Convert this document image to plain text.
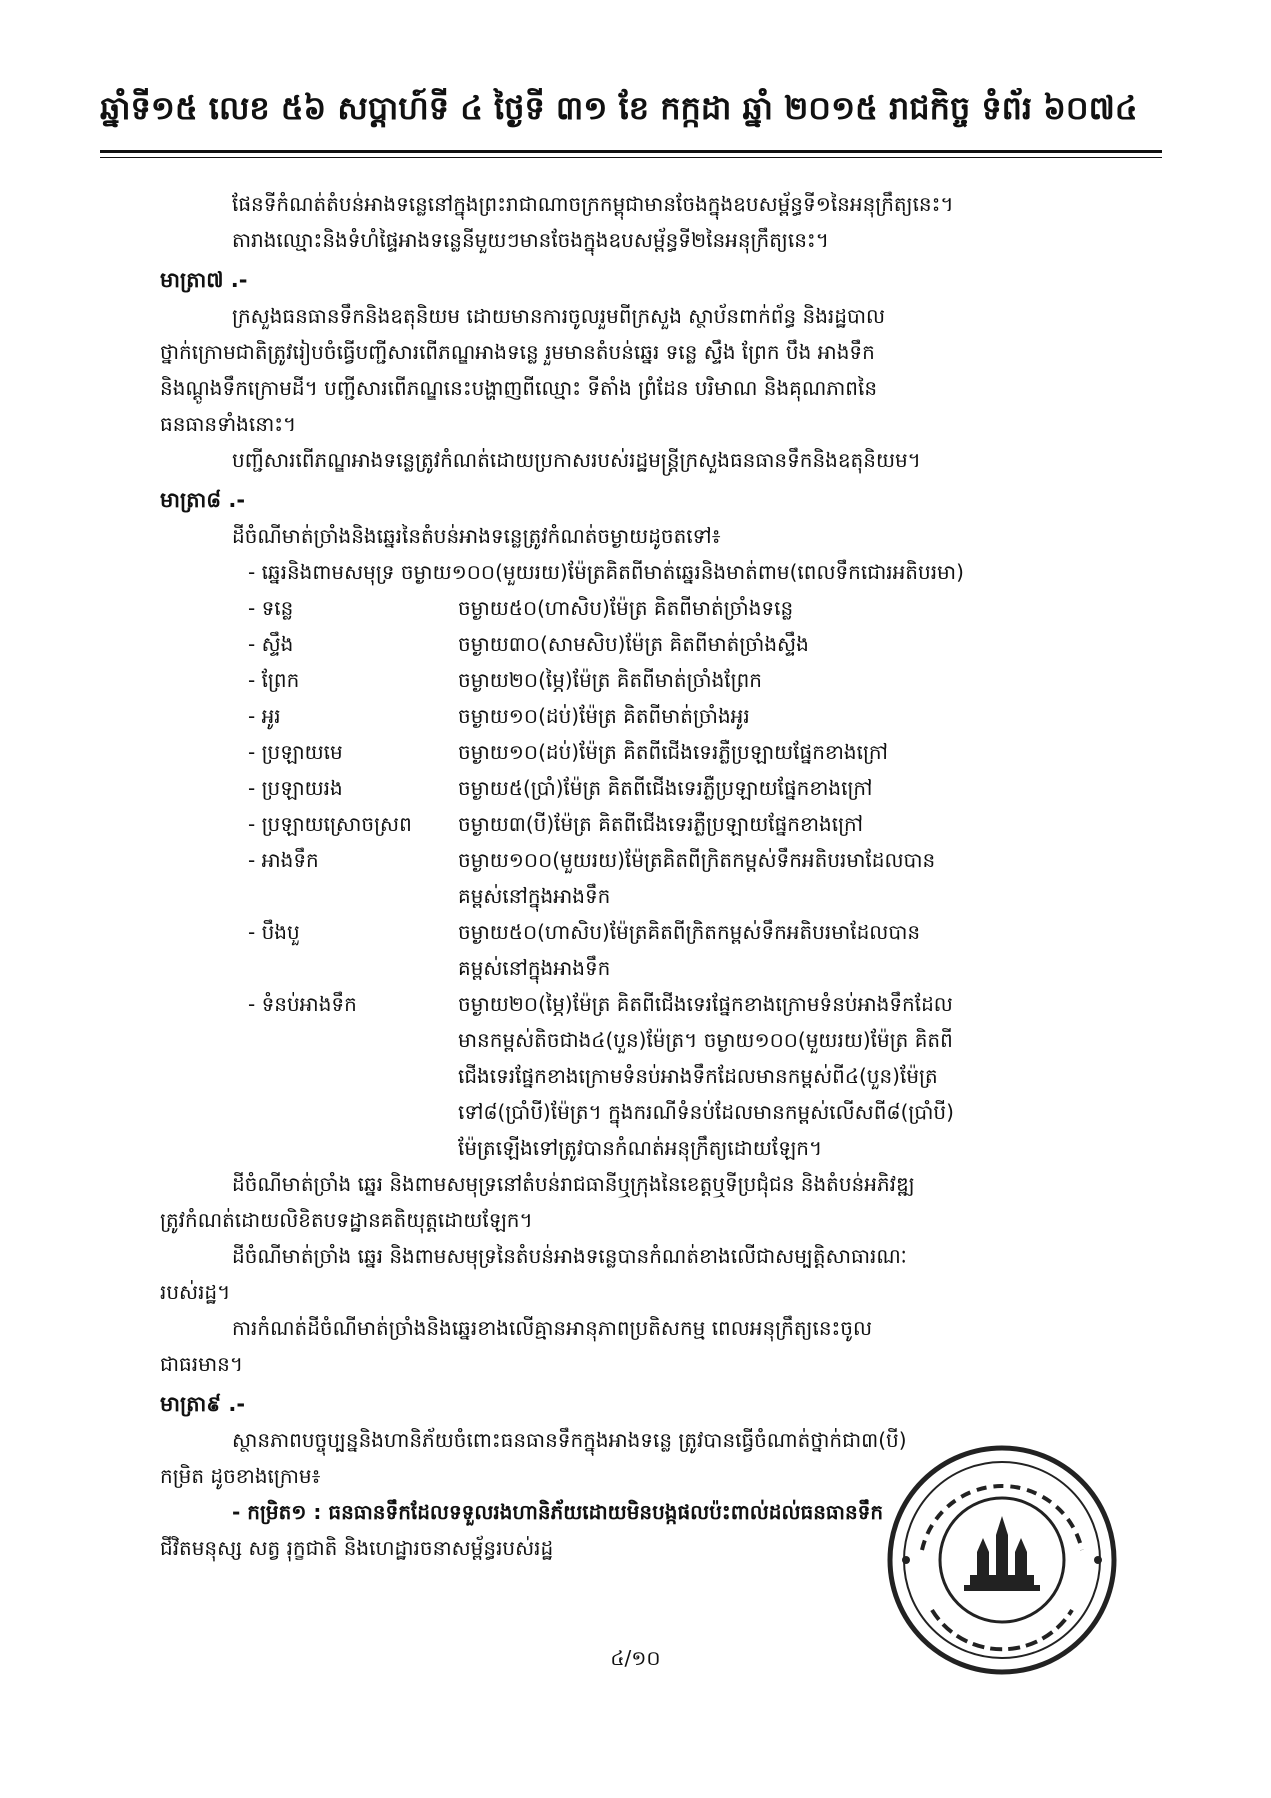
ឆ្នាំទី១៥ លេខ ៥៦ សប្តាហ៍ទី ៤ ថ្ងៃទី ៣១ ខែ កក្កដា ឆ្នាំ ២០១៥ រាជកិច្ច ទំព័រ ៦០៧៤

ផែនទីកំណត់តំបន់អាងទន្លេនៅក្នុងព្រះរាជាណាចក្រកម្ពុជាមានចែងក្នុងឧបសម្ព័ន្ធទី១នៃអនុក្រឹត្យនេះ។

តារាងឈ្មោះនិងទំហំផ្ទៃអាងទន្លេនីមួយៗមានចែងក្នុងឧបសម្ព័ន្ធទី២នៃអនុក្រឹត្យនេះ។

មាត្រា៧ .-

ក្រសួងធនធានទឹកនិងឧតុនិយម ដោយមានការចូលរួមពីក្រសួង ស្ថាប័នពាក់ព័ន្ធ និងរដ្ឋបាល

ថ្នាក់ក្រោមជាតិត្រូវរៀបចំធ្វើបញ្ជីសារពើភណ្ឌអាងទន្លេ រួមមានតំបន់ឆ្នេរ ទន្លេ ស្ទឹង ព្រែក បឹង អាងទឹក

និងណ្ដូងទឹកក្រោមដី។ បញ្ជីសារពើភណ្ឌនេះបង្ហាញពីឈ្មោះ ទីតាំង ព្រំដែន បរិមាណ និងគុណភាពនៃ

ធនធានទាំងនោះ។

បញ្ជីសារពើភណ្ឌអាងទន្លេត្រូវកំណត់ដោយប្រកាសរបស់រដ្ឋមន្ត្រីក្រសួងធនធានទឹកនិងឧតុនិយម។

មាត្រា៨ .-

ដីចំណីមាត់ច្រាំងនិងឆ្នេរនៃតំបន់អាងទន្លេត្រូវកំណត់ចម្ងាយដូចតទៅ៖

- ឆ្នេរនិងពាមសមុទ្រ ចម្ងាយ១០០(មួយរយ)ម៉ែត្រគិតពីមាត់ឆ្នេរនិងមាត់ពាម(ពេលទឹកជោរអតិបរមា)

- ទន្លេ	ចម្ងាយ៥០(ហាសិប)ម៉ែត្រ គិតពីមាត់ច្រាំងទន្លេ
- ស្ទឹង	ចម្ងាយ៣០(សាមសិប)ម៉ែត្រ គិតពីមាត់ច្រាំងស្ទឹង
- ព្រែក	ចម្ងាយ២០(ម្ភៃ)ម៉ែត្រ គិតពីមាត់ច្រាំងព្រែក
- អូរ	ចម្ងាយ១០(ដប់)ម៉ែត្រ គិតពីមាត់ច្រាំងអូរ
- ប្រឡាយមេ	ចម្ងាយ១០(ដប់)ម៉ែត្រ គិតពីជើងទេរភ្លឺប្រឡាយផ្នែកខាងក្រៅ
- ប្រឡាយរង	ចម្ងាយ៥(ប្រាំ)ម៉ែត្រ គិតពីជើងទេរភ្លឺប្រឡាយផ្នែកខាងក្រៅ
- ប្រឡាយស្រោចស្រព	ចម្ងាយ៣(បី)ម៉ែត្រ គិតពីជើងទេរភ្លឺប្រឡាយផ្នែកខាងក្រៅ
- អាងទឹក	ចម្ងាយ១០០(មួយរយ)ម៉ែត្រគិតពីក្រិតកម្ពស់ទឹកអតិបរមាដែលបាន
គម្ពស់នៅក្នុងអាងទឹក
- បឹងបួ	ចម្ងាយ៥០(ហាសិប)ម៉ែត្រគិតពីក្រិតកម្ពស់ទឹកអតិបរមាដែលបាន
គម្ពស់នៅក្នុងអាងទឹក
- ទំនប់អាងទឹក	ចម្ងាយ២០(ម្ភៃ)ម៉ែត្រ គិតពីជើងទេរផ្នែកខាងក្រោមទំនប់អាងទឹកដែល
មានកម្ពស់តិចជាង៤(បួន)ម៉ែត្រ។ ចម្ងាយ១០០(មួយរយ)ម៉ែត្រ គិតពី
ជើងទេរផ្នែកខាងក្រោមទំនប់អាងទឹកដែលមានកម្ពស់ពី៤(បួន)ម៉ែត្រ
ទៅ៨(ប្រាំបី)ម៉ែត្រ។ ក្នុងករណីទំនប់ដែលមានកម្ពស់លើសពី៨(ប្រាំបី)
ម៉ែត្រឡើងទៅត្រូវបានកំណត់អនុក្រឹត្យដោយឡែក។

ដីចំណីមាត់ច្រាំង ឆ្នេរ និងពាមសមុទ្រនៅតំបន់រាជធានីឬក្រុងនៃខេត្តឬទីប្រជុំជន និងតំបន់អភិវឌ្ឍ

ត្រូវកំណត់ដោយលិខិតបទដ្ឋានគតិយុត្តដោយឡែក។

ដីចំណីមាត់ច្រាំង ឆ្នេរ និងពាមសមុទ្រនៃតំបន់អាងទន្លេបានកំណត់ខាងលើជាសម្បត្តិសាធារណៈ

របស់រដ្ឋ។

ការកំណត់ដីចំណីមាត់ច្រាំងនិងឆ្នេរខាងលើគ្មានអានុភាពប្រតិសកម្ម ពេលអនុក្រឹត្យនេះចូល

ជាធរមាន។

មាត្រា៩ .-

ស្ថានភាពបច្ចុប្បន្ននិងហានិភ័យចំពោះធនធានទឹកក្នុងអាងទន្លេ ត្រូវបានធ្វើចំណាត់ថ្នាក់ជា៣(បី)

កម្រិត ដូចខាងក្រោម៖

- កម្រិត១ : ធនធានទឹកដែលទទួលរងហានិភ័យដោយមិនបង្កផលប៉ះពាល់ដល់ធនធានទឹក

ជីវិតមនុស្ស សត្វ រុក្ខជាតិ និងហេដ្ឋារចនាសម្ព័ន្ធរបស់រដ្ឋ

៤/១០
